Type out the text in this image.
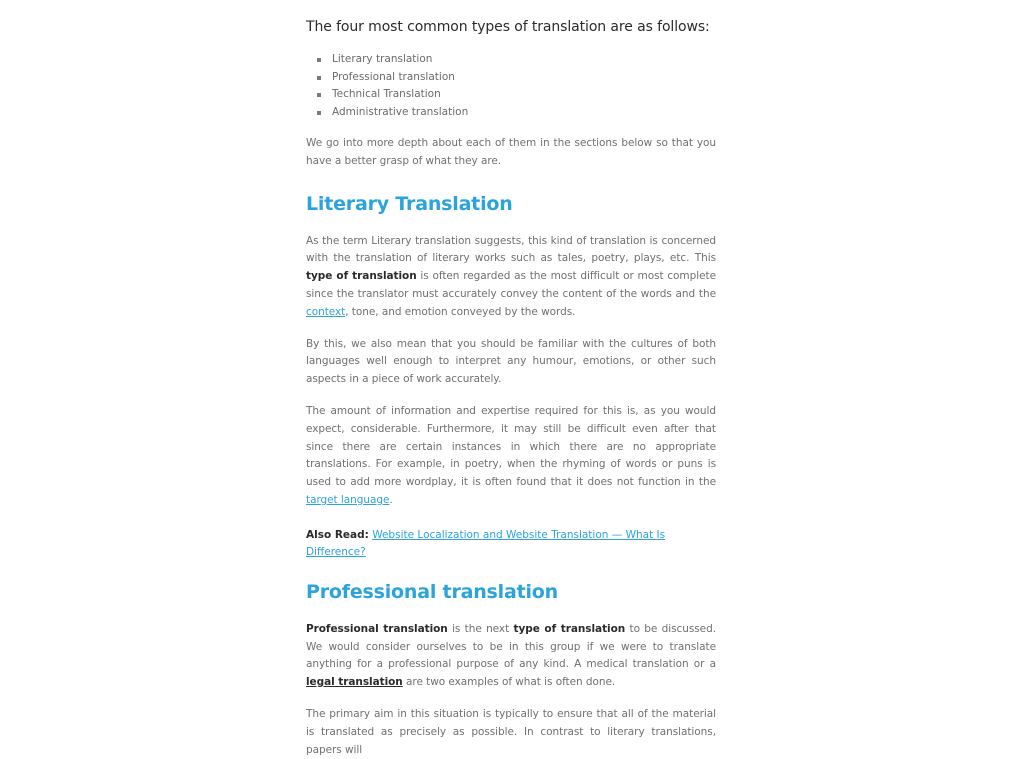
The four most common types of translation are as follows:
Literary translation
Professional translation
Technical Translation
Administrative translation

We go into more depth about each of them in the sections below so that you have a better grasp of what they are.

Literary Translation

As the term Literary translation suggests, this kind of translation is concerned with the translation of literary works such as tales, poetry, plays, etc. This type of translation is often regarded as the most difficult or most complete since the translator must accurately convey the content of the words and the context, tone, and emotion conveyed by the words.

By this, we also mean that you should be familiar with the cultures of both languages well enough to interpret any humour, emotions, or other such aspects in a piece of work accurately.

The amount of information and expertise required for this is, as you would expect, considerable. Furthermore, it may still be difficult even after that since there are certain instances in which there are no appropriate translations. For example, in poetry, when the rhyming of words or puns is used to add more wordplay, it is often found that it does not function in the target language.

Also Read: Website Localization and Website Translation — What Is Difference?

Professional translation

Professional translation is the next type of translation to be discussed. We would consider ourselves to be in this group if we were to translate anything for a professional purpose of any kind. A medical translation or a legal translation are two examples of what is often done.

The primary aim in this situation is typically to ensure that all of the material is translated as precisely as possible. In contrast to literary translations, papers will
